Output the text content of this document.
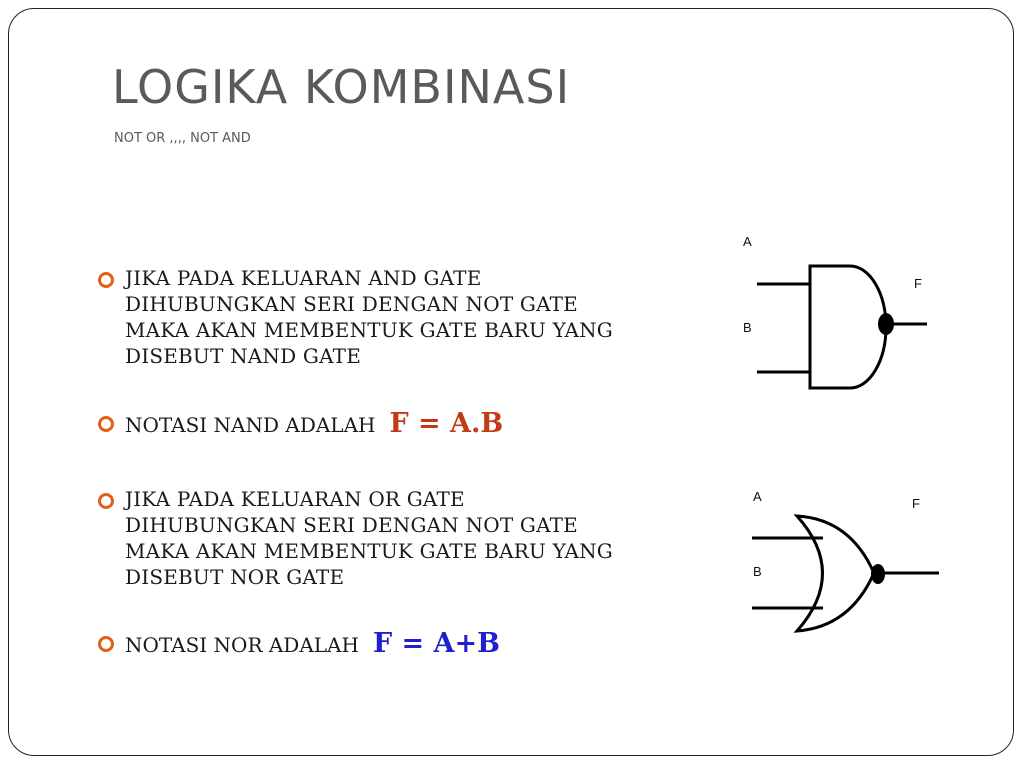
LOGIKA KOMBINASI
NOT OR ,,,, NOT AND
JIKA PADA KELUARAN AND GATE
DIHUBUNGKAN SERI DENGAN NOT GATE
MAKA AKAN MEMBENTUK GATE BARU YANG
DISEBUT NAND GATE
NOTASI NAND ADALAH F = A.B
JIKA PADA KELUARAN OR GATE
DIHUBUNGKAN SERI DENGAN NOT GATE
MAKA AKAN MEMBENTUK GATE BARU YANG
DISEBUT NOR GATE
NOTASI NOR ADALAH F = A+B
A
B
F
A
B
F
